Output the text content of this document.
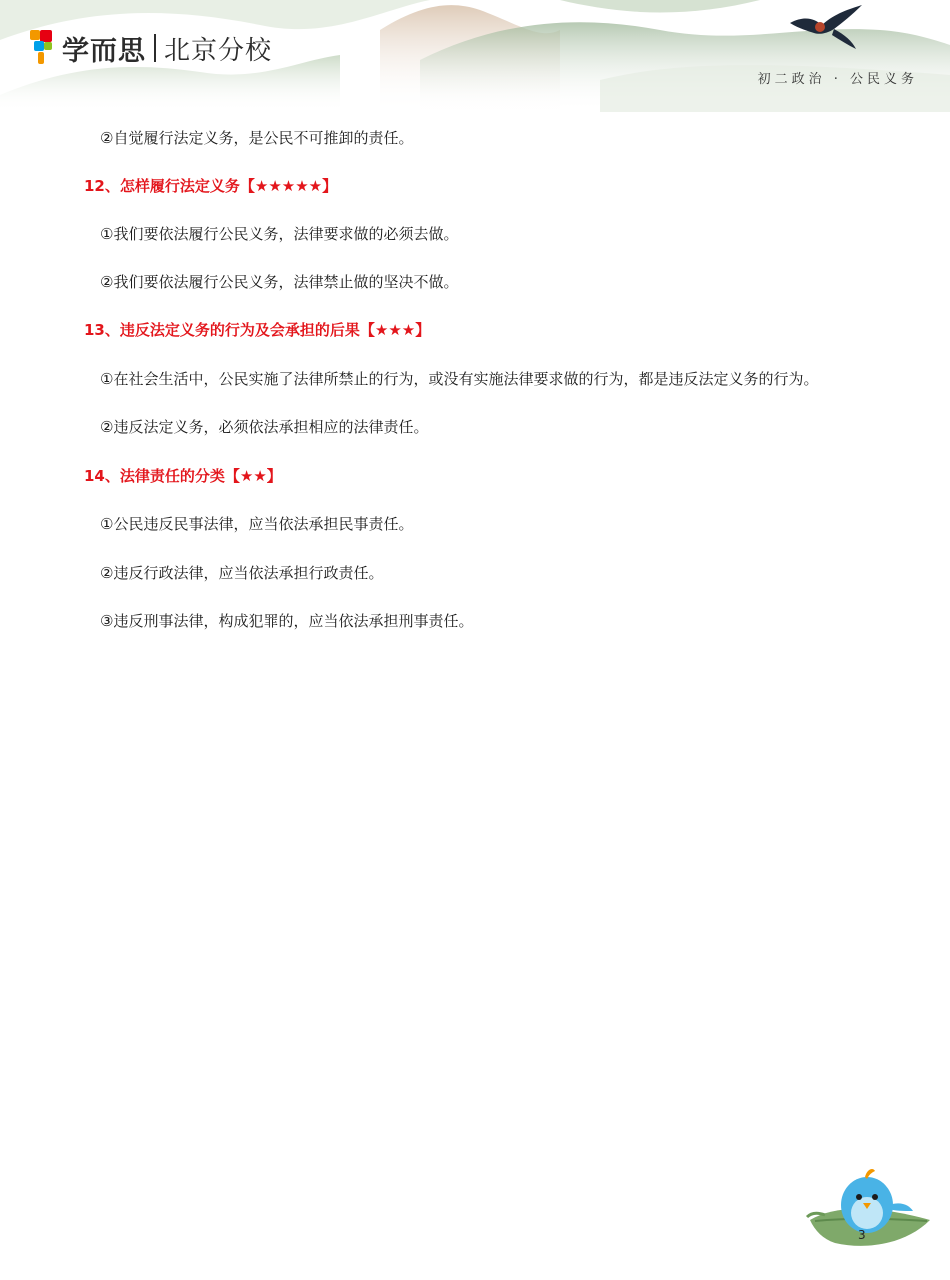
学而思 北京分校
初二政治 · 公民义务
②自觉履行法定义务，是公民不可推卸的责任。
12、怎样履行法定义务【★★★★★】
①我们要依法履行公民义务，法律要求做的必须去做。
②我们要依法履行公民义务，法律禁止做的坚决不做。
13、违反法定义务的行为及会承担的后果【★★★】
①在社会生活中，公民实施了法律所禁止的行为，或没有实施法律要求做的行为，都是违反法定义务的行为。
②违反法定义务，必须依法承担相应的法律责任。
14、法律责任的分类【★★】
①公民违反民事法律，应当依法承担民事责任。
②违反行政法律，应当依法承担行政责任。
③违反刑事法律，构成犯罪的，应当依法承担刑事责任。
3
